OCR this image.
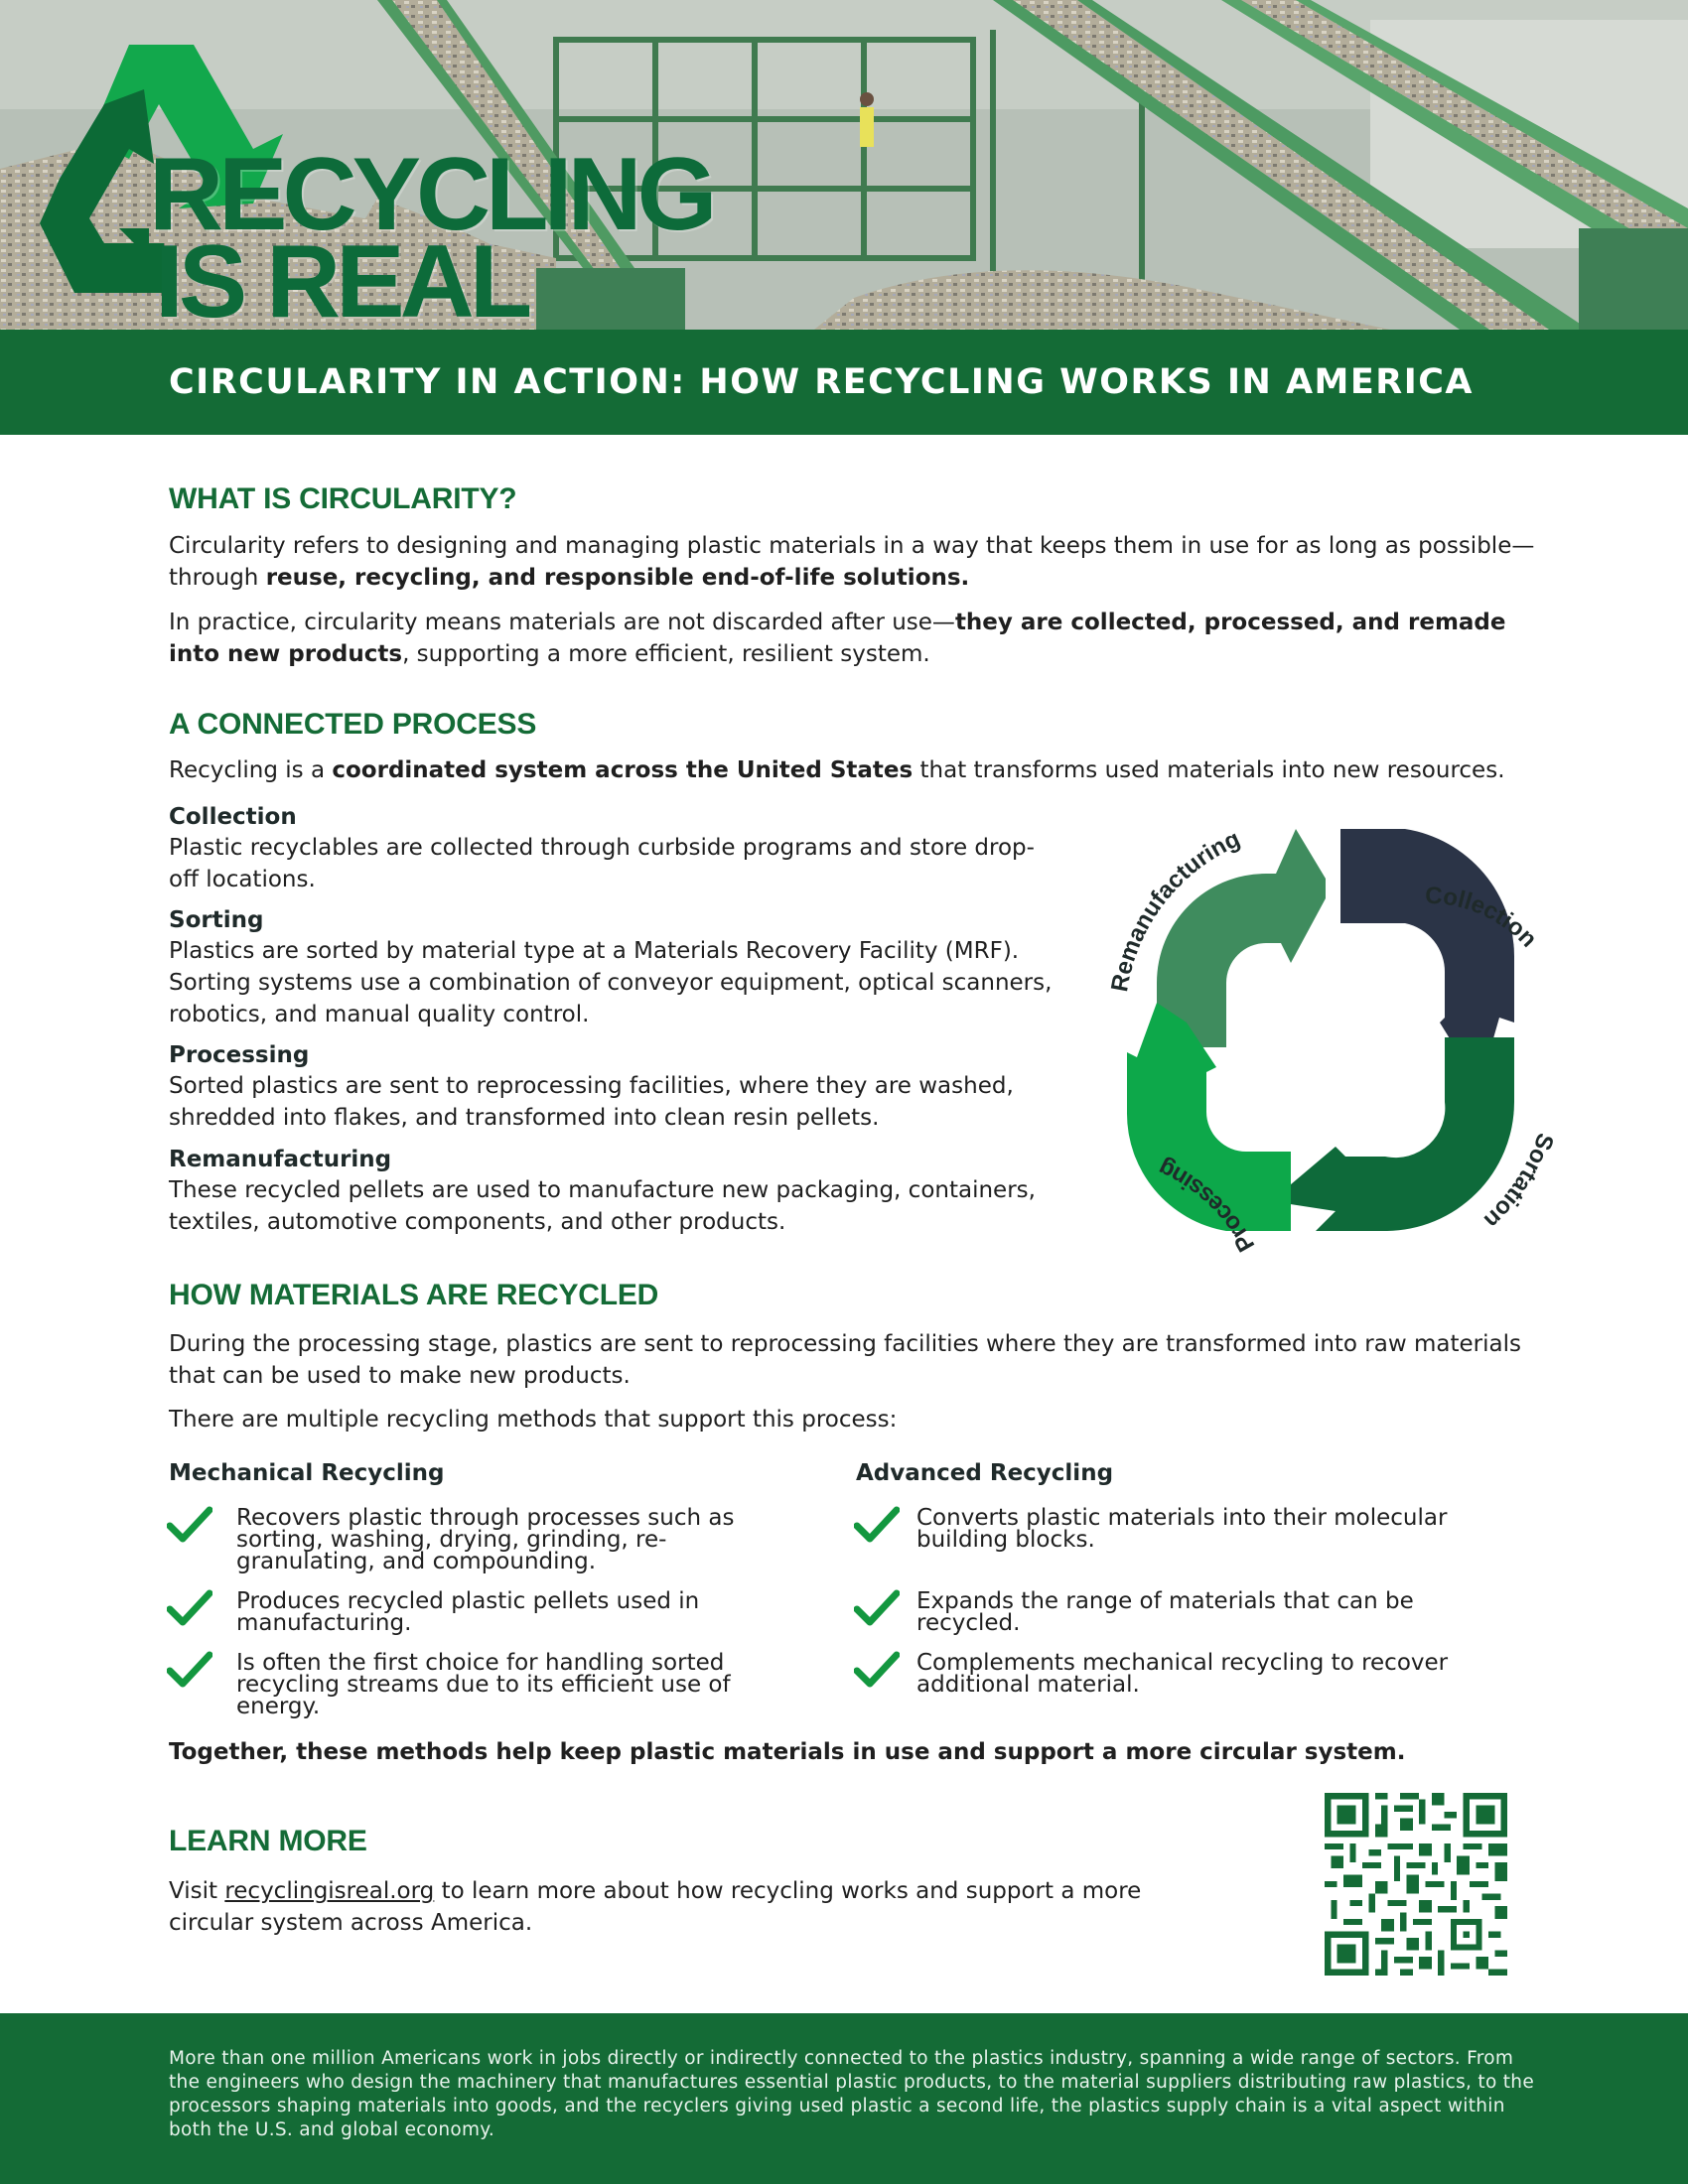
RECYCLING
IS REAL
CIRCULARITY IN ACTION: HOW RECYCLING WORKS IN AMERICA
WHAT IS CIRCULARITY?

Circularity refers to designing and managing plastic materials in a way that keeps them in use for as long as possible—through reuse, recycling, and responsible end-of-life solutions.

In practice, circularity means materials are not discarded after use—they are collected, processed, and remade into new products, supporting a more efficient, resilient system.

A CONNECTED PROCESS

Recycling is a coordinated system across the United States that transforms used materials into new resources.

Collection

Plastic recyclables are collected through curbside programs and store drop-off locations.

Sorting

Plastics are sorted by material type at a Materials Recovery Facility (MRF). Sorting systems use a combination of conveyor equipment, optical scanners, robotics, and manual quality control.

Processing

Sorted plastics are sent to reprocessing facilities, where they are washed, shredded into flakes, and transformed into clean resin pellets.

Remanufacturing

These recycled pellets are used to manufacture new packaging, containers, textiles, automotive components, and other products.

Collection
Remanufacturing
Sortation
Processing
HOW MATERIALS ARE RECYCLED

During the processing stage, plastics are sent to reprocessing facilities where they are transformed into raw materials that can be used to make new products.

There are multiple recycling methods that support this process:

Mechanical Recycling	Advanced Recycling

Recovers plastic through processes such as sorting, washing, drying, grinding, re-granulating, and compounding.

Produces recycled plastic pellets used in manufacturing.

Is often the first choice for handling sorted recycling streams due to its efficient use of energy.

Converts plastic materials into their molecular building blocks.

Expands the range of materials that can be recycled.

Complements mechanical recycling to recover additional material.

Together, these methods help keep plastic materials in use and support a more circular system.

LEARN MORE

Visit recyclingisreal.org to learn more about how recycling works and support a more circular system across America.

More than one million Americans work in jobs directly or indirectly connected to the plastics industry, spanning a wide range of sectors. From the engineers who design the machinery that manufactures essential plastic products, to the material suppliers distributing raw plastics, to the processors shaping materials into goods, and the recyclers giving used plastic a second life, the plastics supply chain is a vital aspect within both the U.S. and global economy.
